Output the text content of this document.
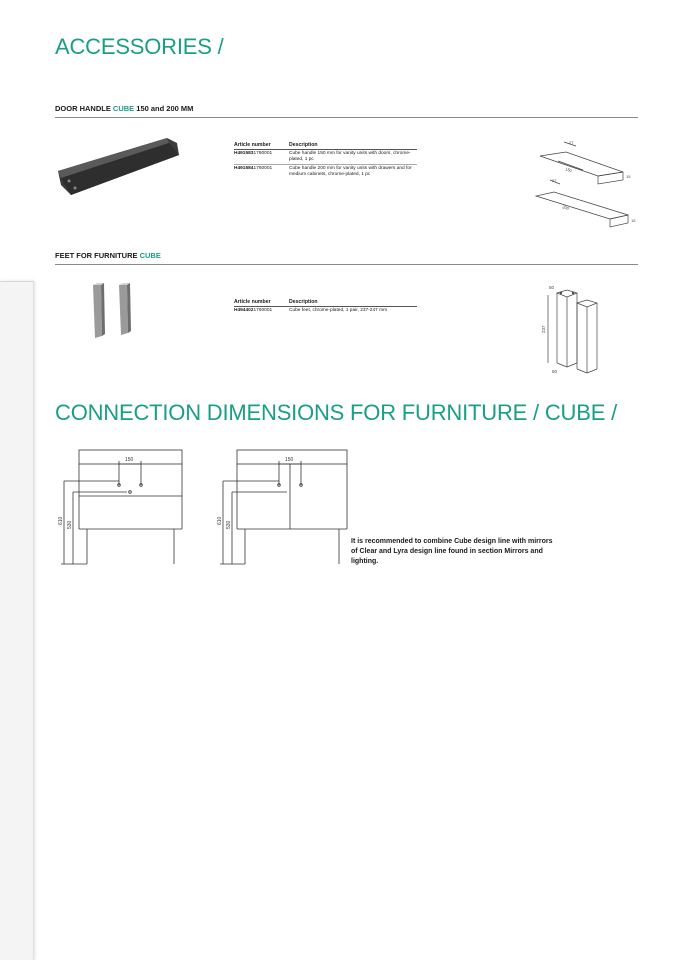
ACCESSORIES /
DOOR HANDLE CUBE 150 and 200 MM
Article number	Description
H4915831760001	Cube handle 150 mm for vanity units with doors, chrome-plated, 1 pc
H4915841760001	Cube handle 200 mm for vanity units with drawers and for medium cabinets, chrome-plated, 1 pc
27
150
15
27
200
15
FEET FOR FURNITURE CUBE
Article number	Description
H4944021760001	Cube feet, chrome-plated, 1 pair, 237-247 mm
50
237
50
CONNECTION DIMENSIONS FOR FURNITURE / CUBE /
150
610 530
150
610 530
It is recommended to combine Cube design line with mirrors of Clear and Lyra design line found in section Mirrors and lighting.
